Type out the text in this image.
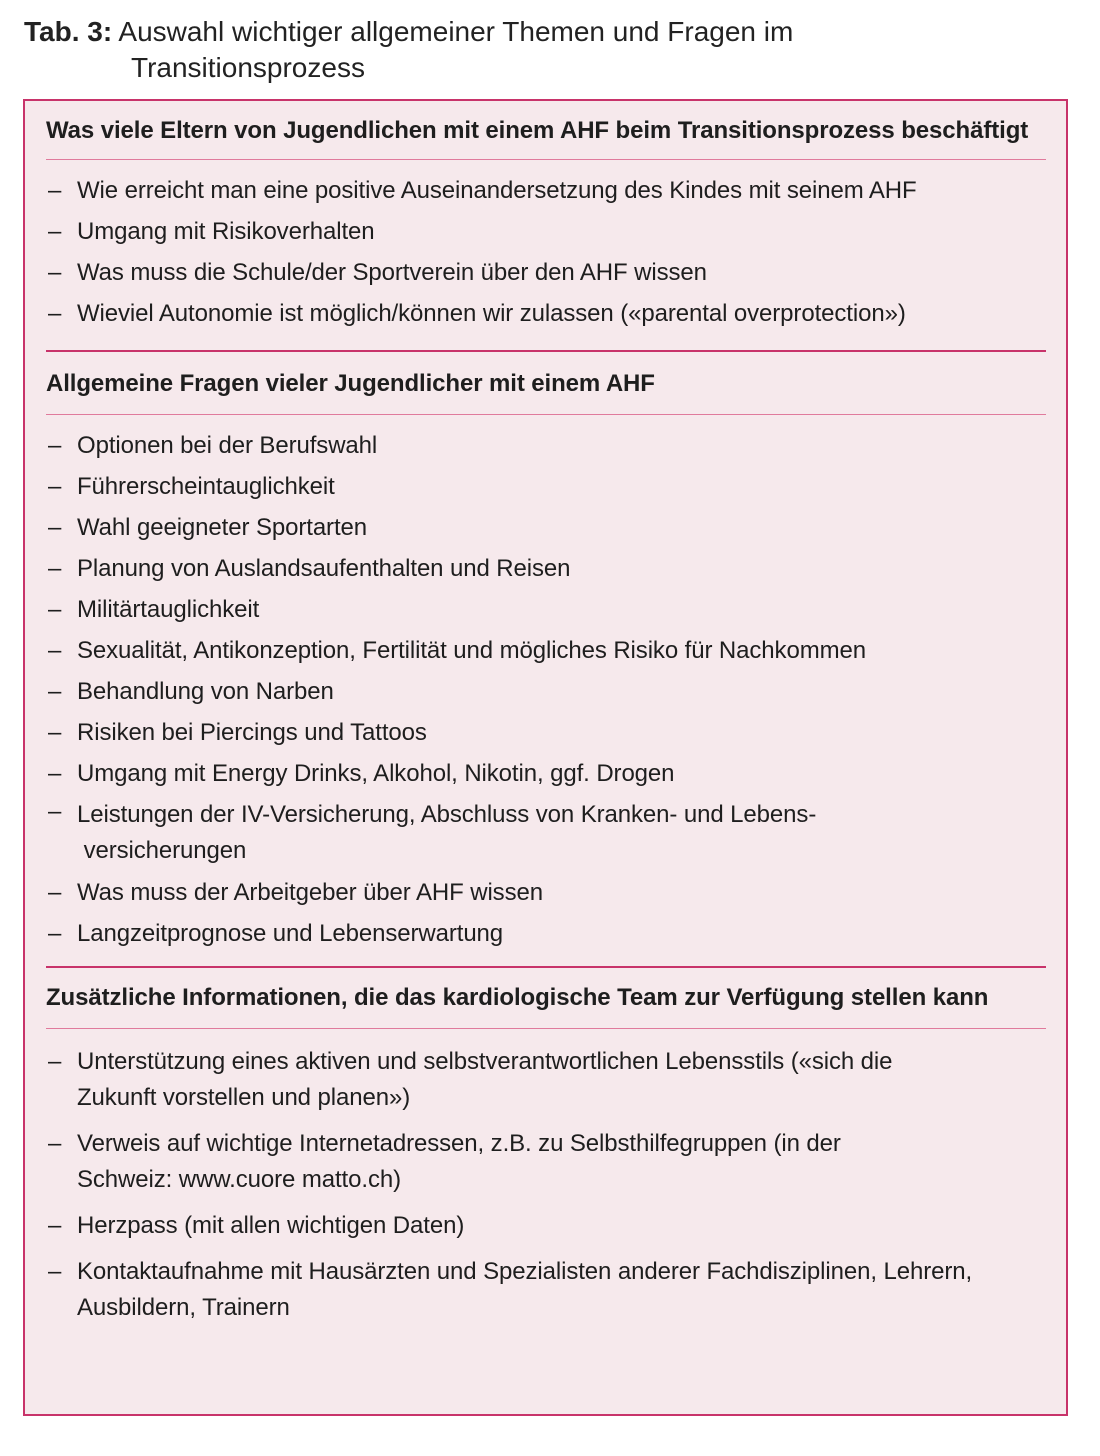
Tab. 3: Auswahl wichtiger allgemeiner Themen und Fragen im
Transitionsprozess
Was viele Eltern von Jugendlichen mit einem AHF beim Transitionsprozess beschäftigt
– Wie erreicht man eine positive Auseinandersetzung des Kindes mit seinem AHF
– Umgang mit Risikoverhalten
– Was muss die Schule/der Sportverein über den AHF wissen
– Wieviel Autonomie ist möglich/können wir zulassen («parental overprotection»)
Allgemeine Fragen vieler Jugendlicher mit einem AHF
– Optionen bei der Berufswahl
– Führerscheintauglichkeit
– Wahl geeigneter Sportarten
– Planung von Auslandsaufenthalten und Reisen
– Militärtauglichkeit
– Sexualität, Antikonzeption, Fertilität und mögliches Risiko für Nachkommen
– Behandlung von Narben
– Risiken bei Piercings und Tattoos
– Umgang mit Energy Drinks, Alkohol, Nikotin, ggf. Drogen
– Leistungen der IV-Versicherung, Abschluss von Kranken- und Lebens- versicherungen
– Was muss der Arbeitgeber über AHF wissen
– Langzeitprognose und Lebenserwartung
Zusätzliche Informationen, die das kardiologische Team zur Verfügung stellen kann
– Unterstützung eines aktiven und selbstverantwortlichen Lebensstils («sich die Zukunft vorstellen und planen»)
– Verweis auf wichtige Internetadressen, z.B. zu Selbsthilfegruppen (in der Schweiz: www.cuore matto.ch)
– Herzpass (mit allen wichtigen Daten)
– Kontaktaufnahme mit Hausärzten und Spezialisten anderer Fachdisziplinen, Lehrern, Ausbildern, Trainern
